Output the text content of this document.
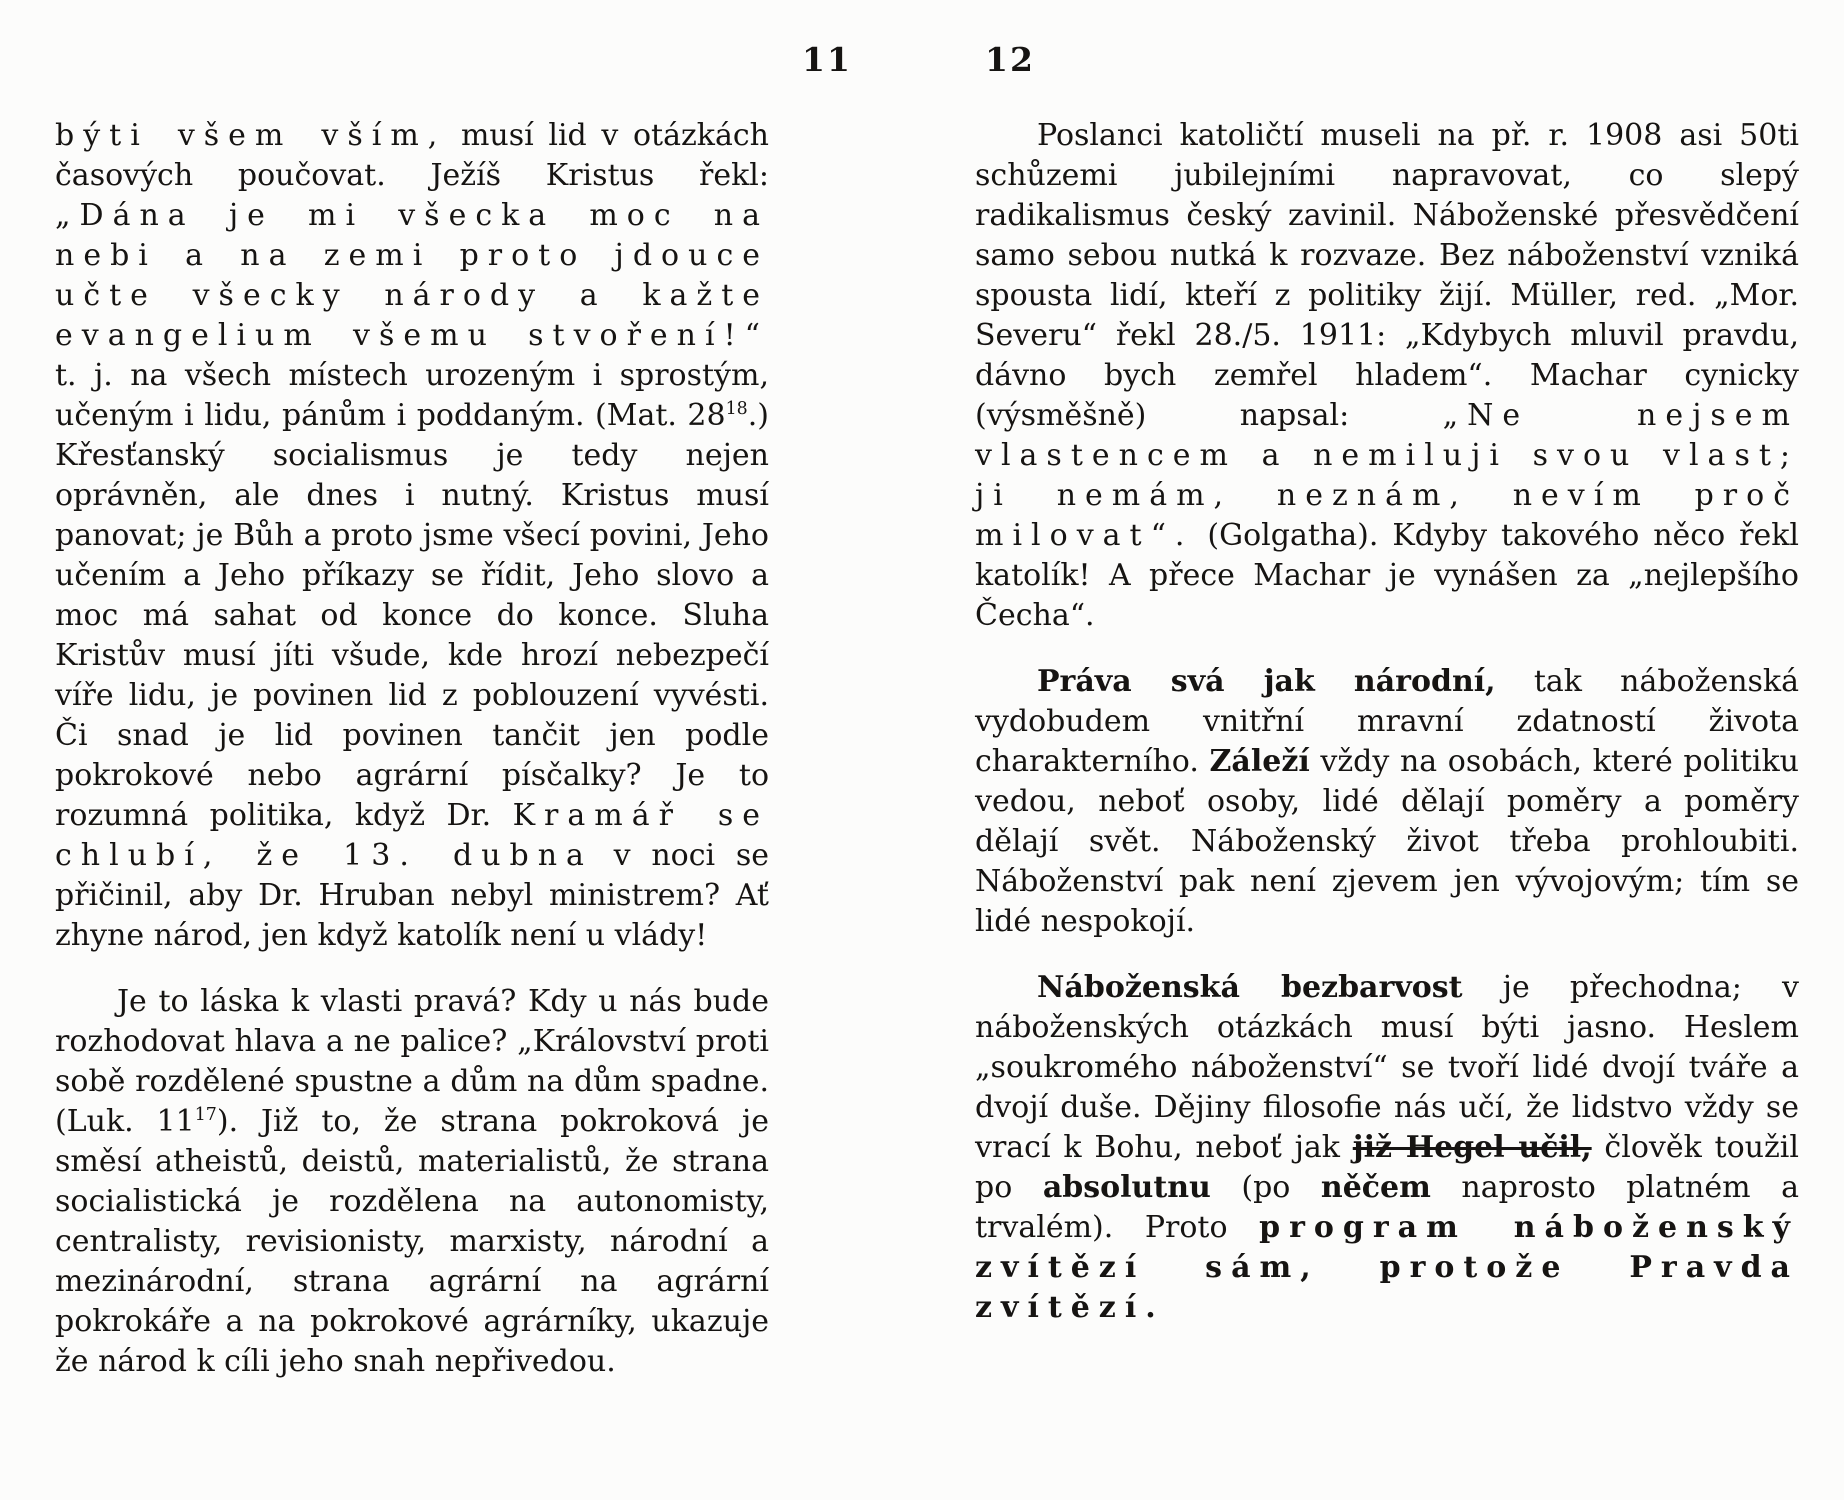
11	12

býti všem vším, musí lid v otázkách časových poučovat. Ježíš Kristus řekl: „Dána je mi všecka moc na nebi a na zemi proto jdouce učte všecky národy a kažte evangelium všemu stvoření!“ t. j. na všech místech urozeným i sprostým, učeným i lidu, pánům i poddaným. (Mat. 28$^{18}$.) Křesťanský socialismus je tedy nejen oprávněn, ale dnes i nutný. Kristus musí panovat; je Bůh a proto jsme všecí povini, Jeho učením a Jeho příkazy se řídit, Jeho slovo a moc má sahat od konce do konce. Sluha Kristův musí jíti všude, kde hrozí nebezpečí víře lidu, je povinen lid z poblouzení vyvésti. Či snad je lid povinen tančit jen podle pokrokové nebo agrární písčalky? Je to rozumná politika, když Dr. Kramář se chlubí, že 13. dubna v noci se přičinil, aby Dr. Hruban nebyl ministrem? Ať zhyne národ, jen když katolík není u vlády!

Je to láska k vlasti pravá? Kdy u nás bude rozhodovat hlava a ne palice? „Království proti sobě rozdělené spustne a dům na dům spadne. (Luk. 11$^{17}$). Již to, že strana pokroková je směsí atheistů, deistů, materialistů, že strana socialistická je rozdělena na autonomisty, centralisty, revisionisty, marxisty, národní a mezinárodní, strana agrární na agrární pokrokáře a na pokrokové agrárníky, ukazuje že národ k cíli jeho snah nepřivedou.

Poslanci katoličtí museli na př. r. 1908 asi 50ti schůzemi jubilejními napravovat, co slepý radikalismus český zavinil. Náboženské přesvědčení samo sebou nutká k rozvaze. Bez náboženství vzniká spousta lidí, kteří z politiky žijí. Müller, red. „Mor. Severu“ řekl 28./5. 1911: „Kdybych mluvil pravdu, dávno bych zemřel hladem“. Machar cynicky (výsměšně) napsal: „Ne nejsem vlastencem a nemiluji svou vlast; ji nemám, neznám, nevím proč milovat“. (Golgatha). Kdyby takového něco řekl katolík! A přece Machar je vynášen za „nejlepšího Čecha“.

Práva svá jak národní, tak náboženská vydobudem vnitřní mravní zdatností života charakterního. Záleží vždy na osobách, které politiku vedou, neboť osoby, lidé dělají poměry a poměry dělají svět. Náboženský život třeba prohloubiti. Náboženství pak není zjevem jen vývojovým; tím se lidé nespokojí.

Náboženská bezbarvost je přechodna; v náboženských otázkách musí býti jasno. Heslem „soukromého náboženství“ se tvoří lidé dvojí tváře a dvojí duše. Dějiny filosofie nás učí, že lidstvo vždy se vrací k Bohu, neboť jak již Hegel učil, člověk toužil po absolutnu (po něčem naprosto platném a trvalém). Proto program náboženský zvítězí sám, protože Pravda zvítězí.
